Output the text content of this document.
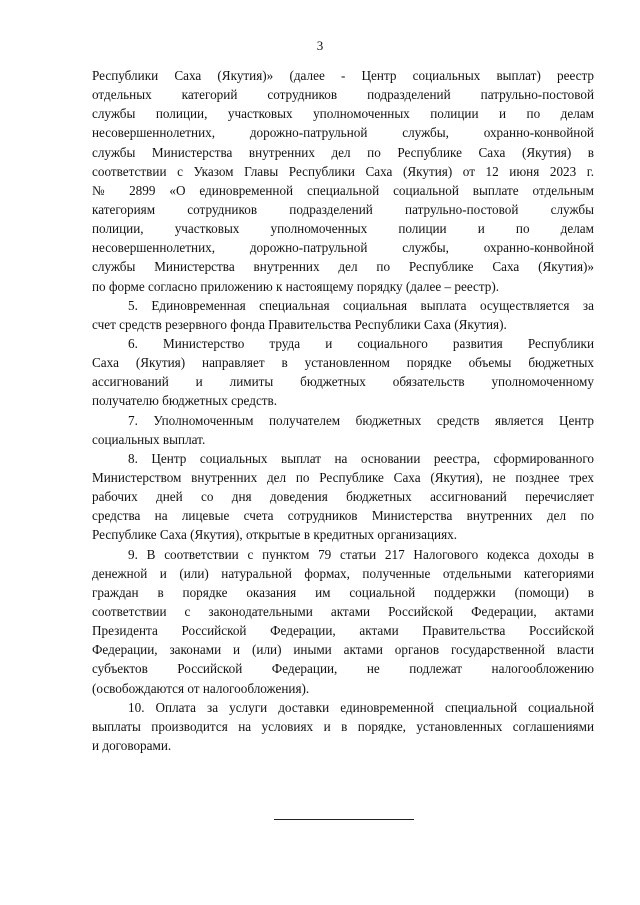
3
Республики Саха (Якутия)» (далее - Центр социальных выплат) реестр
отдельных категорий сотрудников подразделений патрульно-постовой
службы полиции, участковых уполномоченных полиции и по делам
несовершеннолетних, дорожно-патрульной службы, охранно-конвойной
службы Министерства внутренних дел по Республике Саха (Якутия) в
соответствии с Указом Главы Республики Саха (Якутия) от 12 июня 2023 г.
№ 2899 «О единовременной специальной социальной выплате отдельным
категориям сотрудников подразделений патрульно-постовой службы
полиции, участковых уполномоченных полиции и по делам
несовершеннолетних, дорожно-патрульной службы, охранно-конвойной
службы Министерства внутренних дел по Республике Саха (Якутия)»
по форме согласно приложению к настоящему порядку (далее – реестр).
5. Единовременная специальная социальная выплата осуществляется за
счет средств резервного фонда Правительства Республики Саха (Якутия).
6. Министерство труда и социального развития Республики
Саха (Якутия) направляет в установленном порядке объемы бюджетных
ассигнований и лимиты бюджетных обязательств уполномоченному
получателю бюджетных средств.
7. Уполномоченным получателем бюджетных средств является Центр
социальных выплат.
8. Центр социальных выплат на основании реестра, сформированного
Министерством внутренних дел по Республике Саха (Якутия), не позднее трех
рабочих дней со дня доведения бюджетных ассигнований перечисляет
средства на лицевые счета сотрудников Министерства внутренних дел по
Республике Саха (Якутия), открытые в кредитных организациях.
9. В соответствии с пунктом 79 статьи 217 Налогового кодекса доходы в
денежной и (или) натуральной формах, полученные отдельными категориями
граждан в порядке оказания им социальной поддержки (помощи) в
соответствии с законодательными актами Российской Федерации, актами
Президента Российской Федерации, актами Правительства Российской
Федерации, законами и (или) иными актами органов государственной власти
субъектов Российской Федерации, не подлежат налогообложению
(освобождаются от налогообложения).
10. Оплата за услуги доставки единовременной специальной социальной
выплаты производится на условиях и в порядке, установленных соглашениями
и договорами.
